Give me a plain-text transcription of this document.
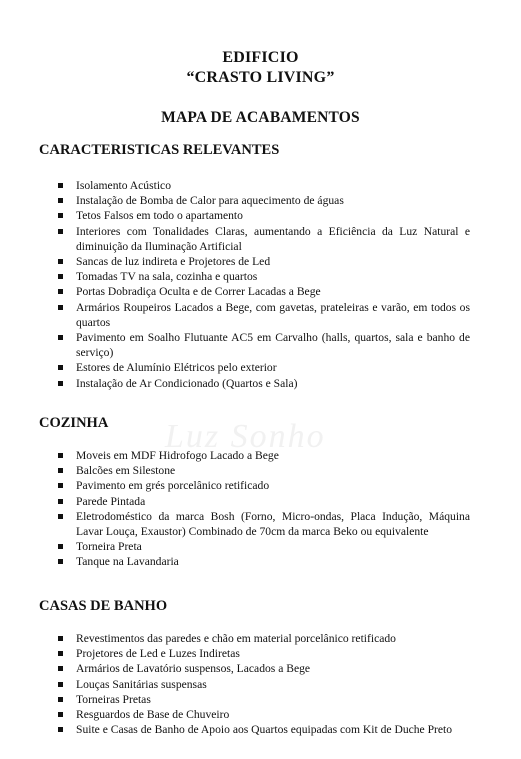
Luz Sonho
EDIFICIO
“CRASTO LIVING”
MAPA DE ACABAMENTOS
CARACTERISTICAS RELEVANTES
Isolamento Acústico
Instalação de Bomba de Calor para aquecimento de águas
Tetos Falsos em todo o apartamento
Interiores com Tonalidades Claras, aumentando a Eficiência da Luz Natural e diminuição da Iluminação Artificial
Sancas de luz indireta e Projetores de Led
Tomadas TV na sala, cozinha e quartos
Portas Dobradiça Oculta e de Correr Lacadas a Bege
Armários Roupeiros Lacados a Bege, com gavetas, prateleiras e varão, em todos os quartos
Pavimento em Soalho Flutuante AC5 em Carvalho (halls, quartos, sala e banho de serviço)
Estores de Alumínio Elétricos pelo exterior
Instalação de Ar Condicionado (Quartos e Sala)
COZINHA
Moveis em MDF Hidrofogo Lacado a Bege
Balcões em Silestone
Pavimento em grés porcelânico retificado
Parede Pintada
Eletrodoméstico da marca Bosh (Forno, Micro-ondas, Placa Indução, Máquina Lavar Louça, Exaustor) Combinado de 70cm da marca Beko ou equivalente
Torneira Preta
Tanque na Lavandaria
CASAS DE BANHO
Revestimentos das paredes e chão em material porcelânico retificado
Projetores de Led e Luzes Indiretas
Armários de Lavatório suspensos, Lacados a Bege
Louças Sanitárias suspensas
Torneiras Pretas
Resguardos de Base de Chuveiro
Suite e Casas de Banho de Apoio aos Quartos equipadas com Kit de Duche Preto
